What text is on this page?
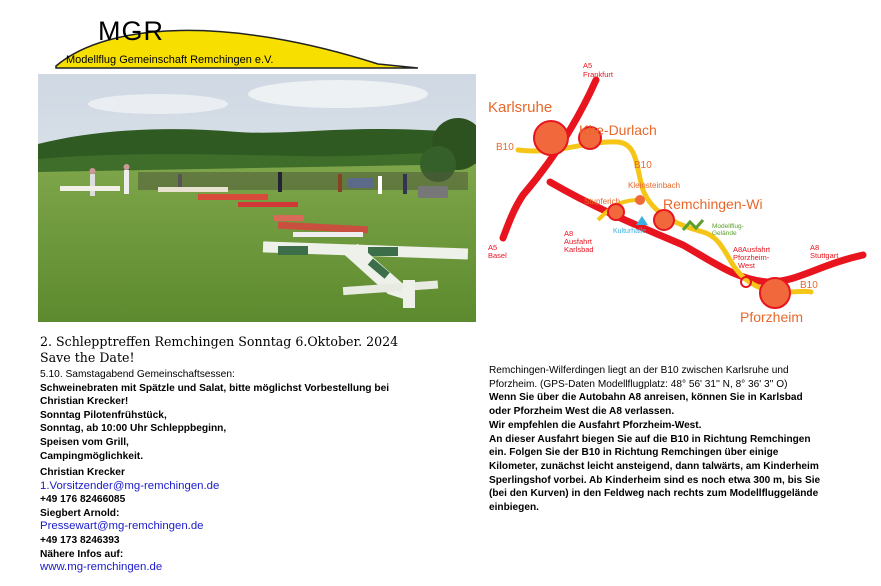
MGR
Modellflug Gemeinschaft Remchingen e.V.
2. Schlepptreffen Remchingen Sonntag 6.Oktober. 2024
Save the Date!
5.10. Samstagabend Gemeinschaftsessen:
Schweinebraten mit Spätzle und Salat, bitte möglichst Vorbestellung bei
Christian Krecker!
Sonntag Pilotenfrühstück,
Sonntag, ab 10:00 Uhr Schleppbeginn,
Speisen vom Grill,
Campingmöglichkeit.
Christian Krecker
1.Vorsitzender@mg-remchingen.de
+49 176 82466085
Siegbert Arnold:
Pressewart@mg-remchingen.de
+49 173 8246393
Nähere Infos auf:
www.mg-remchingen.de
Remchingen-Wilferdingen liegt an der B10 zwischen Karlsruhe und
Pforzheim. (GPS-Daten Modellflugplatz: 48° 56' 31'' N, 8° 36' 3'' O)
Wenn Sie über die Autobahn A8 anreisen, können Sie in Karlsbad
oder Pforzheim West die A8 verlassen.
Wir empfehlen die Ausfahrt Pforzheim-West.
An dieser Ausfahrt biegen Sie auf die B10 in Richtung Remchingen
ein. Folgen Sie der B10 in Richtung Remchingen über einige
Kilometer, zunächst leicht ansteigend, dann talwärts, am Kinderheim
Sperlingshof vorbei. Ab Kinderheim sind es noch etwa 300 m, bis Sie
(bei den Kurven) in den Feldweg nach rechts zum Modellfluggelände
einbiegen.
A5
Frankfurt
Karlsruhe
Khe-Durlach
B10
B10
Kleinsteinbach
Stupferich	Remchingen-Wi
Modellflug-
Gelände
Kulturhalle
A8
Ausfahrt
Karlsbad	A8Ausfahrt
Pforzheim-
West
A8
Stuttgart
A5
Basel
B10
Pforzheim
